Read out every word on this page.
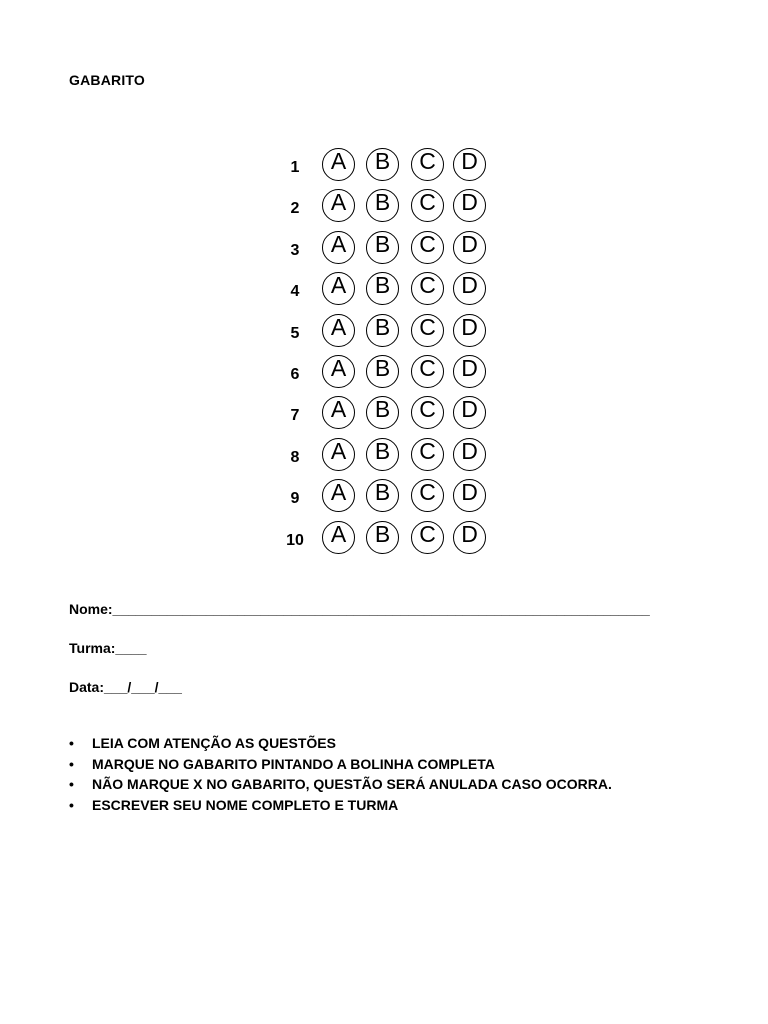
GABARITO
1	A	B	C	D
2	A	B	C	D
3	A	B	C	D
4	A	B	C	D
5	A	B	C	D
6	A	B	C	D
7	A	B	C	D
8	A	B	C	D
9	A	B	C	D
10	A	B	C	D
Nome:_____________________________________________________________________
Turma:____
Data:___/___/___
• LEIA COM ATENÇÃO AS QUESTÕES
• MARQUE NO GABARITO PINTANDO A BOLINHA COMPLETA
• NÃO MARQUE X NO GABARITO, QUESTÃO SERÁ ANULADA CASO OCORRA.
• ESCREVER SEU NOME COMPLETO E TURMA
